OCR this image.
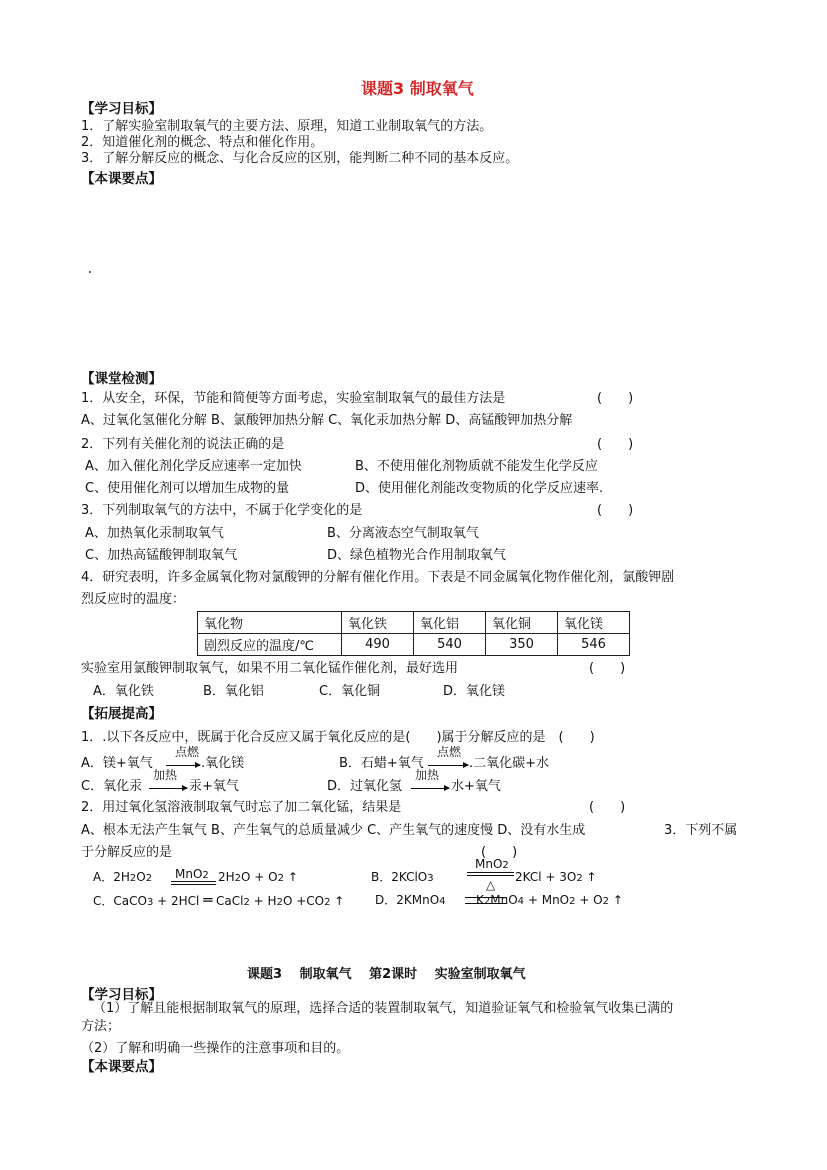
课题3 制取氧气
【学习目标】
1．了解实验室制取氧气的主要方法、原理，知道工业制取氧气的方法。
2．知道催化剂的概念、特点和催化作用。
3．了解分解反应的概念、与化合反应的区别，能判断二种不同的基本反应。
【本课要点】
【课堂检测】
1．从安全，环保，节能和简便等方面考虑，实验室制取氧气的最佳方法是	(　　)
A、过氧化氢催化分解 B、氯酸钾加热分解 C、氧化汞加热分解 D、高锰酸钾加热分解
2．下列有关催化剂的说法正确的是	(　　)
A、加入催化剂化学反应速率一定加快	B、不使用催化剂物质就不能发生化学反应
C、使用催化剂可以增加生成物的量	D、使用催化剂能改变物质的化学反应速率.
3．下列制取氧气的方法中，不属于化学变化的是	(　　)
A、加热氧化汞制取氧气	B、分离液态空气制取氧气
C、加热高锰酸钾制取氧气	D、绿色植物光合作用制取氧气
4．研究表明，许多金属氧化物对氯酸钾的分解有催化作用。下表是不同金属氧化物作催化剂，氯酸钾剧
烈反应时的温度：
氧化物	氧化铁	氧化铝	氧化铜	氧化镁
剧烈反应的温度/℃	490	540	350	546
实验室用氯酸钾制取氧气，如果不用二氧化锰作催化剂，最好选用	(　　)
A．氧化铁	B．氧化铝	C．氧化铜	D．氧化镁
【拓展提高】
1．.以下各反应中，既属于化合反应又属于氧化反应的是(　　)属于分解反应的是　(　　)
点燃	点燃
A．镁+氧气	.氧化镁	B．石蜡+氧气	.二氧化碳+水
加热	加热
C．氧化汞	汞+氧气	D．过氧化氢	水+氧气
2．用过氧化氢溶液制取氧气时忘了加二氧化锰，结果是	(　　)
A、根本无法产生氧气 B、产生氧气的总质量减少 C、产生氧气的速度慢 D、没有水生成	3．下列不属
于分解反应的是	(　　)
A．2H2O2 MnO2 2H2O + O2 ↑	B．2KClO3
MnO2
△
2KCl + 3O2 ↑
C．CaCO3 + 2HCl ═ CaCl2 + H2O +CO2 ↑	D．2KMnO4	K2MnO4 + MnO2 + O2 ↑
课题3　 制取氧气　 第2课时　 实验室制取氧气
【学习目标】
（1）了解且能根据制取氧气的原理，选择合适的装置制取氧气，知道验证氧气和检验氧气收集已满的
方法；
（2）了解和明确一些操作的注意事项和目的。
【本课要点】
